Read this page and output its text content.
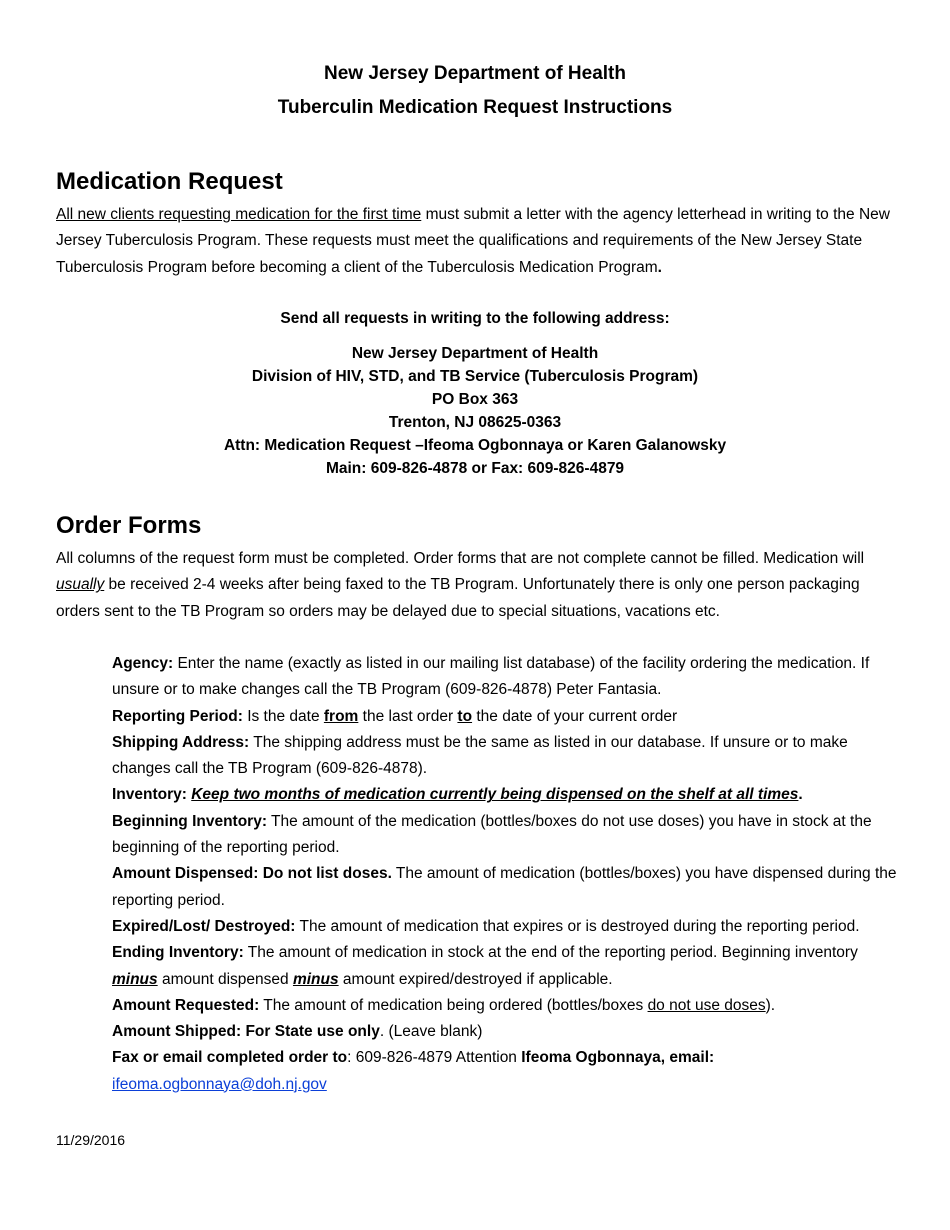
New Jersey Department of Health
Tuberculin Medication Request Instructions
Medication Request
All new clients requesting medication for the first time must submit a letter with the agency letterhead in writing to the New Jersey Tuberculosis Program. These requests must meet the qualifications and requirements of the New Jersey State Tuberculosis Program before becoming a client of the Tuberculosis Medication Program.
Send all requests in writing to the following address:
New Jersey Department of Health
Division of HIV, STD, and TB Service (Tuberculosis Program)
PO Box 363
Trenton, NJ 08625-0363
Attn: Medication Request –Ifeoma Ogbonnaya or Karen Galanowsky
Main: 609-826-4878 or Fax: 609-826-4879
Order Forms
All columns of the request form must be completed. Order forms that are not complete cannot be filled. Medication will usually be received 2-4 weeks after being faxed to the TB Program. Unfortunately there is only one person packaging orders sent to the TB Program so orders may be delayed due to special situations, vacations etc.

Agency: Enter the name (exactly as listed in our mailing list database) of the facility ordering the medication. If unsure or to make changes call the TB Program (609-826-4878) Peter Fantasia.

Reporting Period: Is the date from the last order to the date of your current order

Shipping Address: The shipping address must be the same as listed in our database. If unsure or to make changes call the TB Program (609-826-4878).

Inventory: Keep two months of medication currently being dispensed on the shelf at all times.

Beginning Inventory: The amount of the medication (bottles/boxes do not use doses) you have in stock at the beginning of the reporting period.

Amount Dispensed: Do not list doses. The amount of medication (bottles/boxes) you have dispensed during the reporting period.

Expired/Lost/ Destroyed: The amount of medication that expires or is destroyed during the reporting period.

Ending Inventory: The amount of medication in stock at the end of the reporting period. Beginning inventory minus amount dispensed minus amount expired/destroyed if applicable.

Amount Requested: The amount of medication being ordered (bottles/boxes do not use doses).

Amount Shipped: For State use only. (Leave blank)

Fax or email completed order to: 609-826-4879 Attention Ifeoma Ogbonnaya, email:
ifeoma.ogbonnaya@doh.nj.gov

11/29/2016
